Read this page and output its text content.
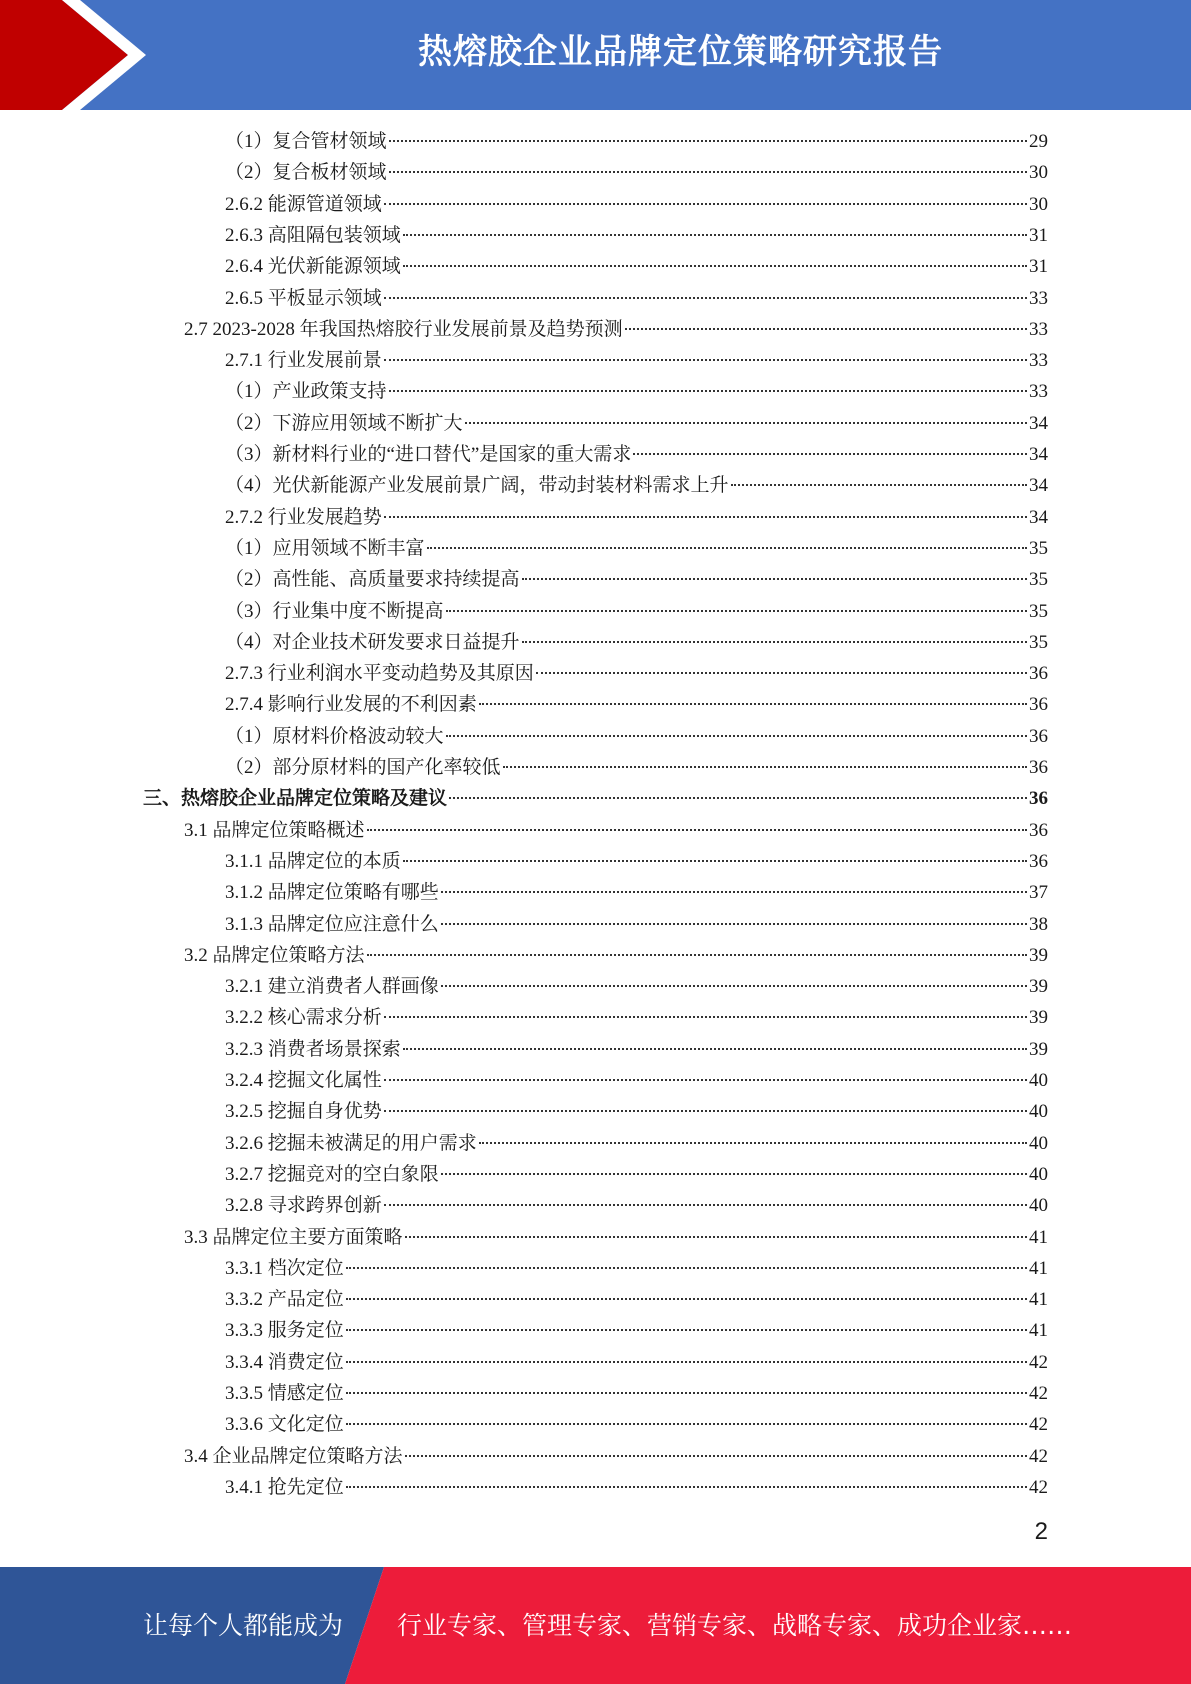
热熔胶企业品牌定位策略研究报告
（1）复合管材领域	29
（2）复合板材领域	30
2.6.2 能源管道领域	30
2.6.3 高阻隔包装领域	31
2.6.4 光伏新能源领域	31
2.6.5 平板显示领域	33
2.7 2023-2028 年我国热熔胶行业发展前景及趋势预测	33
2.7.1 行业发展前景	33
（1）产业政策支持	33
（2）下游应用领域不断扩大	34
（3）新材料行业的“进口替代”是国家的重大需求	34
（4）光伏新能源产业发展前景广阔，带动封装材料需求上升	34
2.7.2 行业发展趋势	34
（1）应用领域不断丰富	35
（2）高性能、高质量要求持续提高	35
（3）行业集中度不断提高	35
（4）对企业技术研发要求日益提升	35
2.7.3 行业利润水平变动趋势及其原因	36
2.7.4 影响行业发展的不利因素	36
（1）原材料价格波动较大	36
（2）部分原材料的国产化率较低	36
三、热熔胶企业品牌定位策略及建议	36
3.1 品牌定位策略概述	36
3.1.1 品牌定位的本质	36
3.1.2 品牌定位策略有哪些	37
3.1.3 品牌定位应注意什么	38
3.2 品牌定位策略方法	39
3.2.1 建立消费者人群画像	39
3.2.2 核心需求分析	39
3.2.3 消费者场景探索	39
3.2.4 挖掘文化属性	40
3.2.5 挖掘自身优势	40
3.2.6 挖掘未被满足的用户需求	40
3.2.7 挖掘竞对的空白象限	40
3.2.8 寻求跨界创新	40
3.3 品牌定位主要方面策略	41
3.3.1 档次定位	41
3.3.2 产品定位	41
3.3.3 服务定位	41
3.3.4 消费定位	42
3.3.5 情感定位	42
3.3.6 文化定位	42
3.4 企业品牌定位策略方法	42
3.4.1 抢先定位	42
2
让每个人都能成为 行业专家、管理专家、营销专家、战略专家、成功企业家……
